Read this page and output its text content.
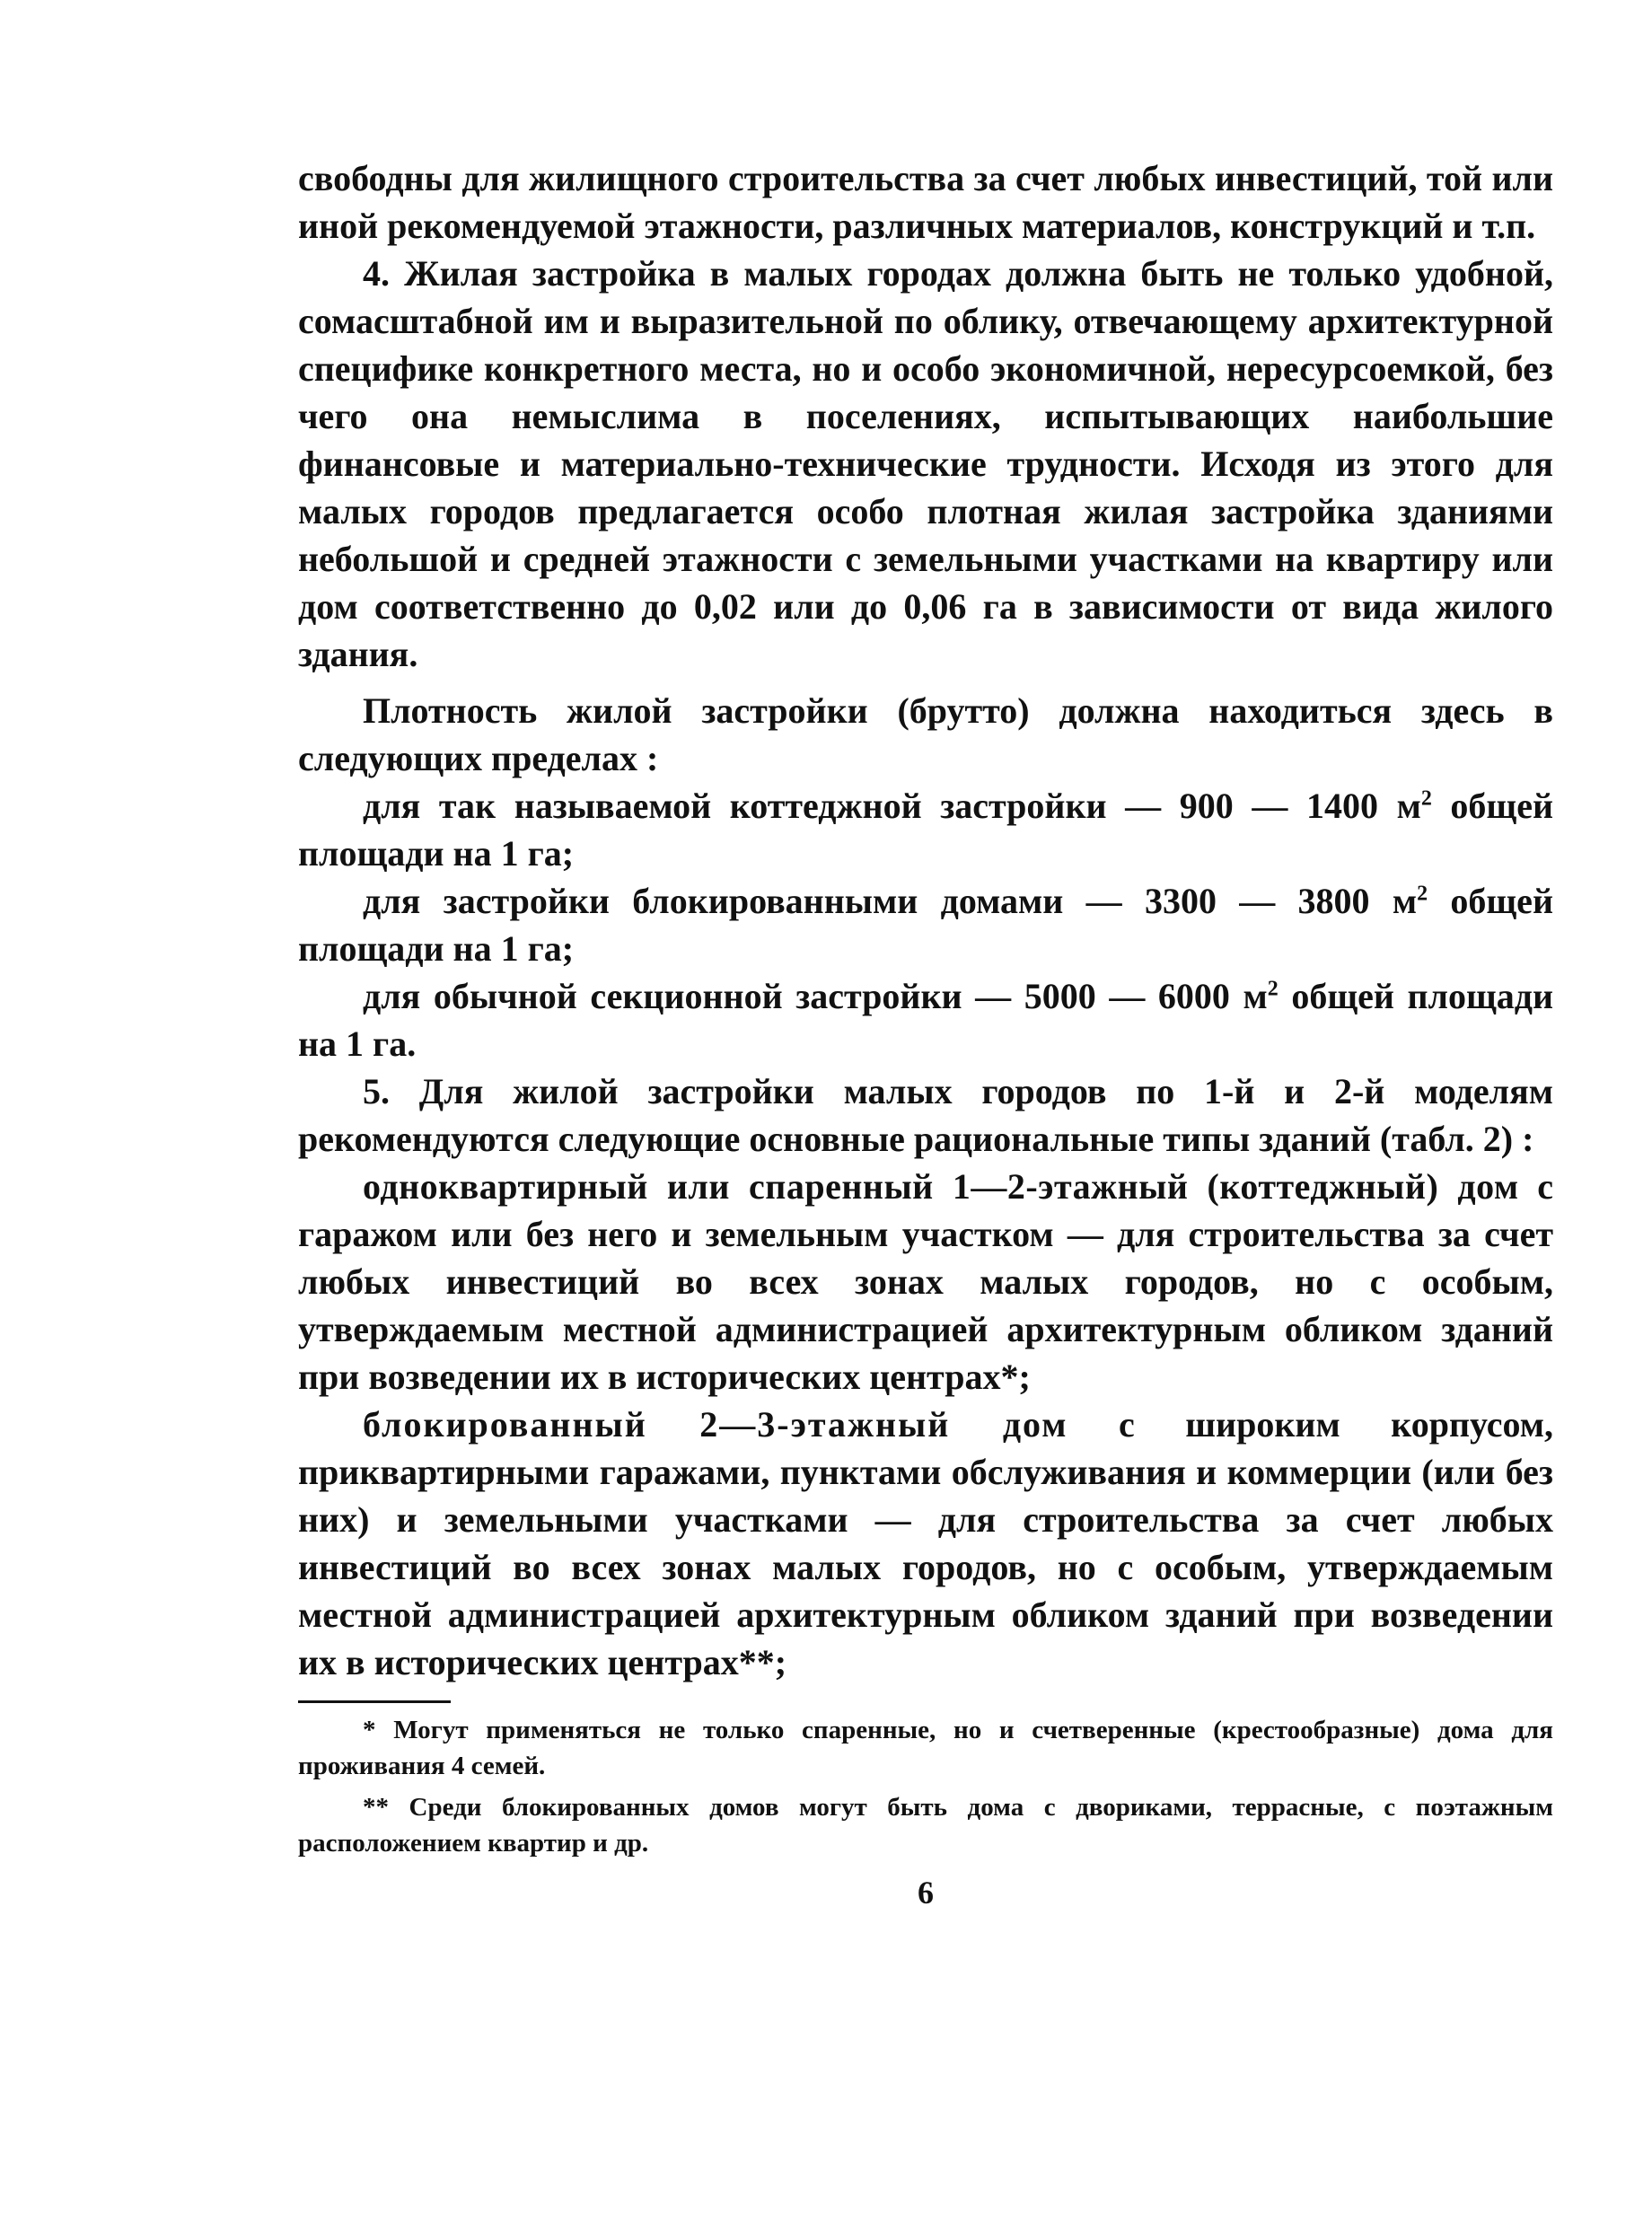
свободны для жилищного строительства за счет любых инвестиций, той или иной рекомендуемой этажности, различных материалов, конструкций и т.п.

4. Жилая застройка в малых городах должна быть не только удобной, сомасштабной им и выразительной по облику, отвечающему архитектурной специфике конкретного места, но и особо экономичной, нересурсоемкой, без чего она немыслима в поселениях, испытывающих наибольшие финансовые и материально-технические трудности. Исходя из этого для малых городов предлагается особо плотная жилая застройка зданиями небольшой и средней этажности с земельными участками на квартиру или дом соответственно до 0,02 или до 0,06 га в зависимости от вида жилого здания.

Плотность жилой застройки (брутто) должна находиться здесь в следующих пределах :

для так называемой коттеджной застройки — 900 — 1400 $м^2$ общей площади на 1 га;

для застройки блокированными домами — 3300 — 3800 $м^2$ общей площади на 1 га;

для обычной секционной застройки — 5000 — 6000 $м^2$ общей площади на 1 га.

5. Для жилой застройки малых городов по 1-й и 2-й моделям рекомендуются следующие основные рациональные типы зданий (табл. 2) :

одноквартирный или спаренный 1—2-этажный (коттеджный) дом с гаражом или без него и земельным участком — для строительства за счет любых инвестиций во всех зонах малых городов, но с особым, утверждаемым местной администрацией архитектурным обликом зданий при возведении их в исторических центрах*;

блокированный 2—3-этажный дом с широким корпусом, приквартирными гаражами, пунктами обслуживания и коммерции (или без них) и земельными участками — для строительства за счет любых инвестиций во всех зонах малых городов, но с особым, утверждаемым местной администрацией архитектурным обликом зданий при возведении их в исторических центрах**;

* Могут применяться не только спаренные, но и счетверенные (крестообразные) дома для проживания 4 семей.

** Среди блокированных домов могут быть дома с двориками, террасные, с поэтажным расположением квартир и др.

6
